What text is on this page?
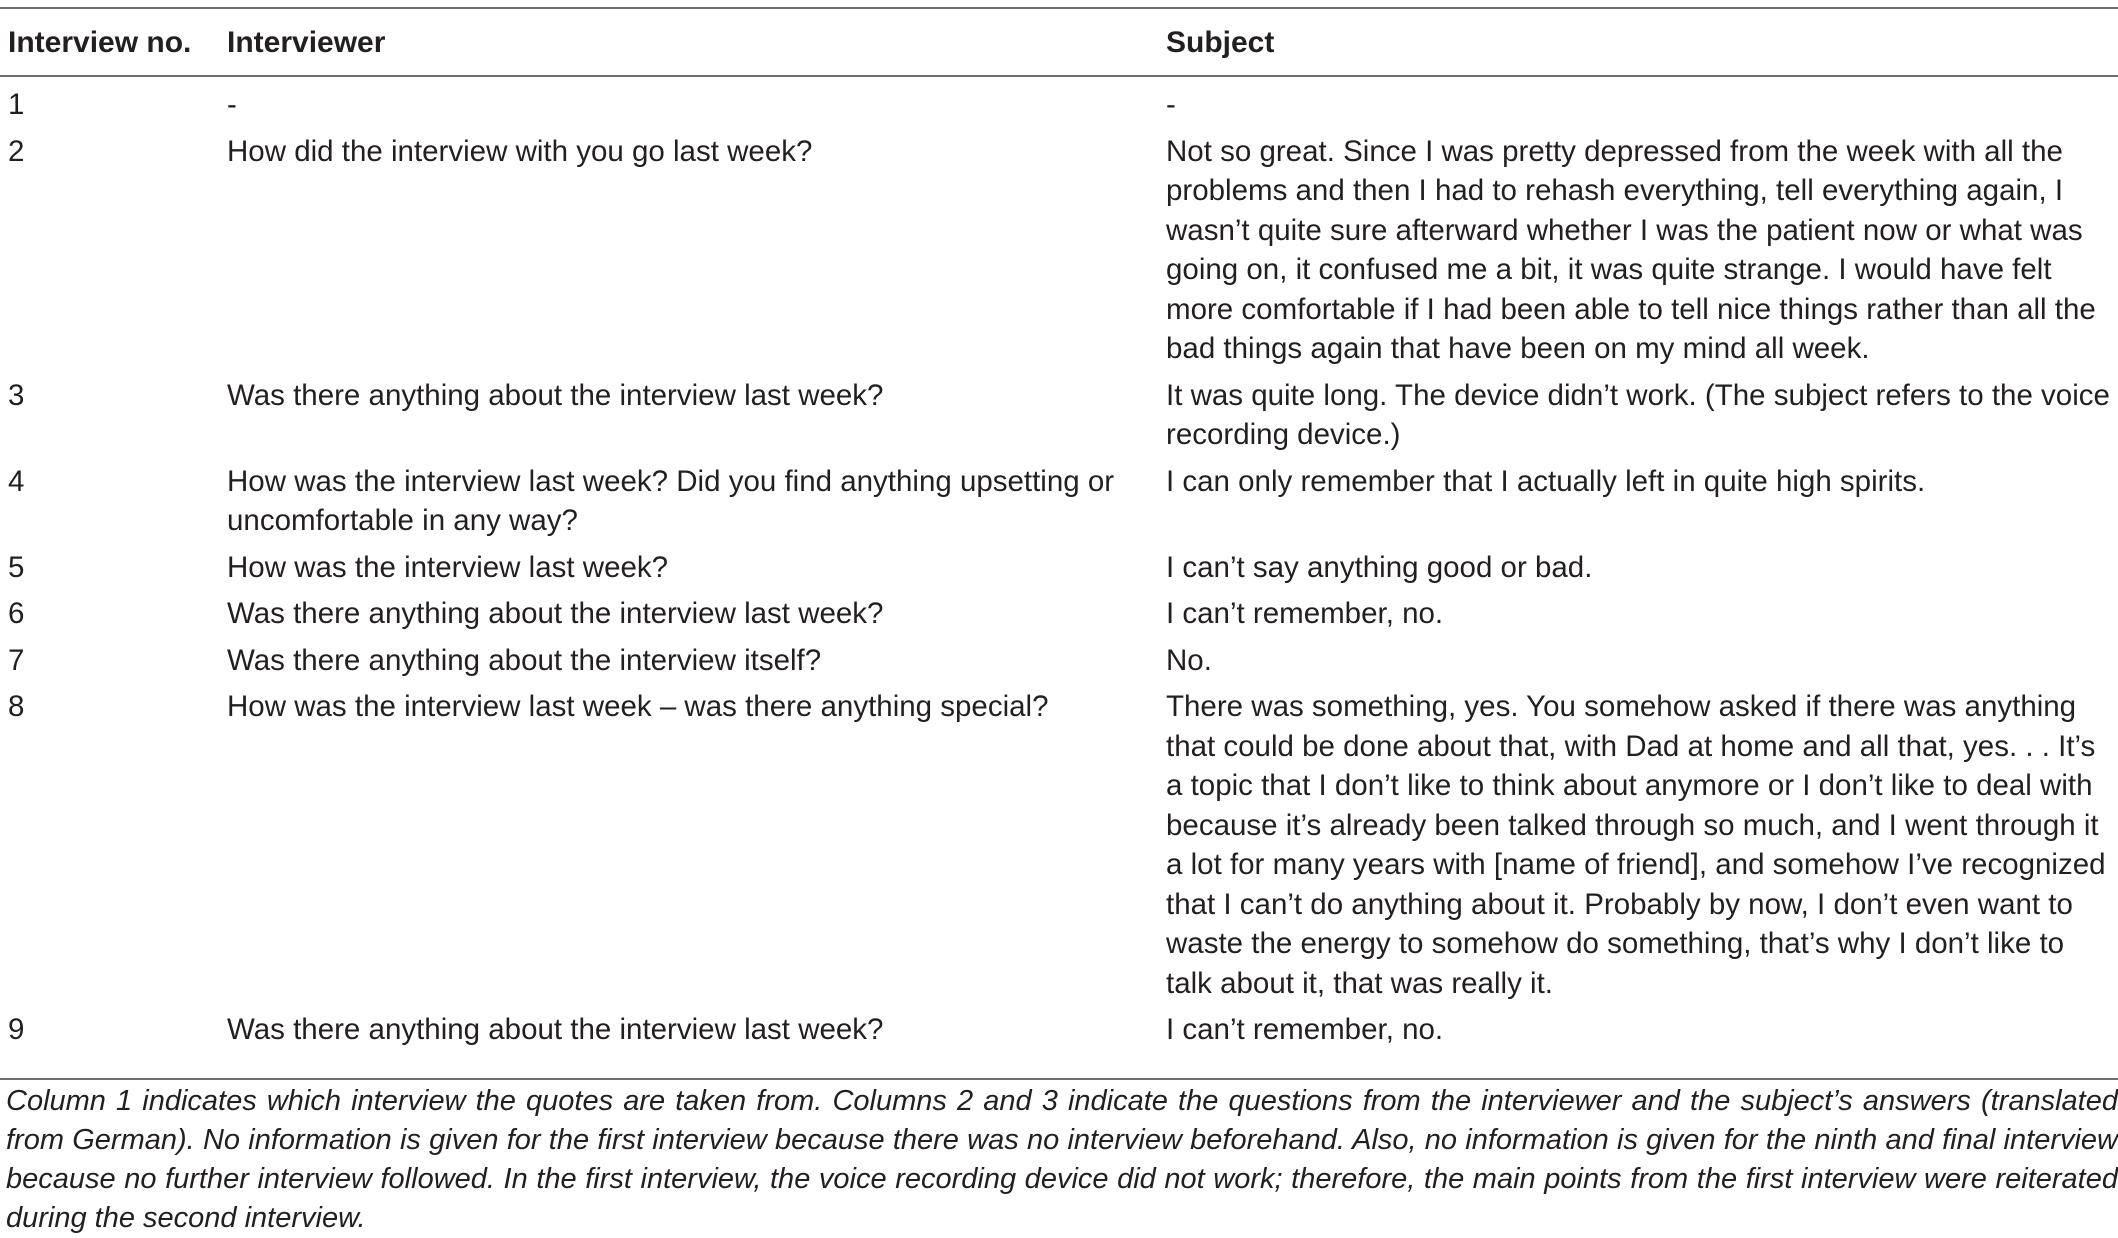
Interview no.	Interviewer	Subject
1	-	-
2	How did the interview with you go last week?	Not so great. Since I was pretty depressed from the week with all the problems and then I had to rehash everything, tell everything again, I wasn’t quite sure afterward whether I was the patient now or what was going on, it confused me a bit, it was quite strange. I would have felt more comfortable if I had been able to tell nice things rather than all the bad things again that have been on my mind all week.
3	Was there anything about the interview last week?	It was quite long. The device didn’t work. (The subject refers to the voice recording device.)
4	How was the interview last week? Did you find anything upsetting or uncomfortable in any way?	I can only remember that I actually left in quite high spirits.
5	How was the interview last week?	I can’t say anything good or bad.
6	Was there anything about the interview last week?	I can’t remember, no.
7	Was there anything about the interview itself?	No.
8	How was the interview last week – was there anything special?	There was something, yes. You somehow asked if there was anything that could be done about that, with Dad at home and all that, yes. . . It’s a topic that I don’t like to think about anymore or I don’t like to deal with because it’s already been talked through so much, and I went through it a lot for many years with [name of friend], and somehow I’ve recognized that I can’t do anything about it. Probably by now, I don’t even want to waste the energy to somehow do something, that’s why I don’t like to talk about it, that was really it.
9	Was there anything about the interview last week?	I can’t remember, no.
Column 1 indicates which interview the quotes are taken from. Columns 2 and 3 indicate the questions from the interviewer and the subject’s answers (translated from German). No information is given for the first interview because there was no interview beforehand. Also, no information is given for the ninth and final interview because no further interview followed. In the first interview, the voice recording device did not work; therefore, the main points from the first interview were reiterated during the second interview.
